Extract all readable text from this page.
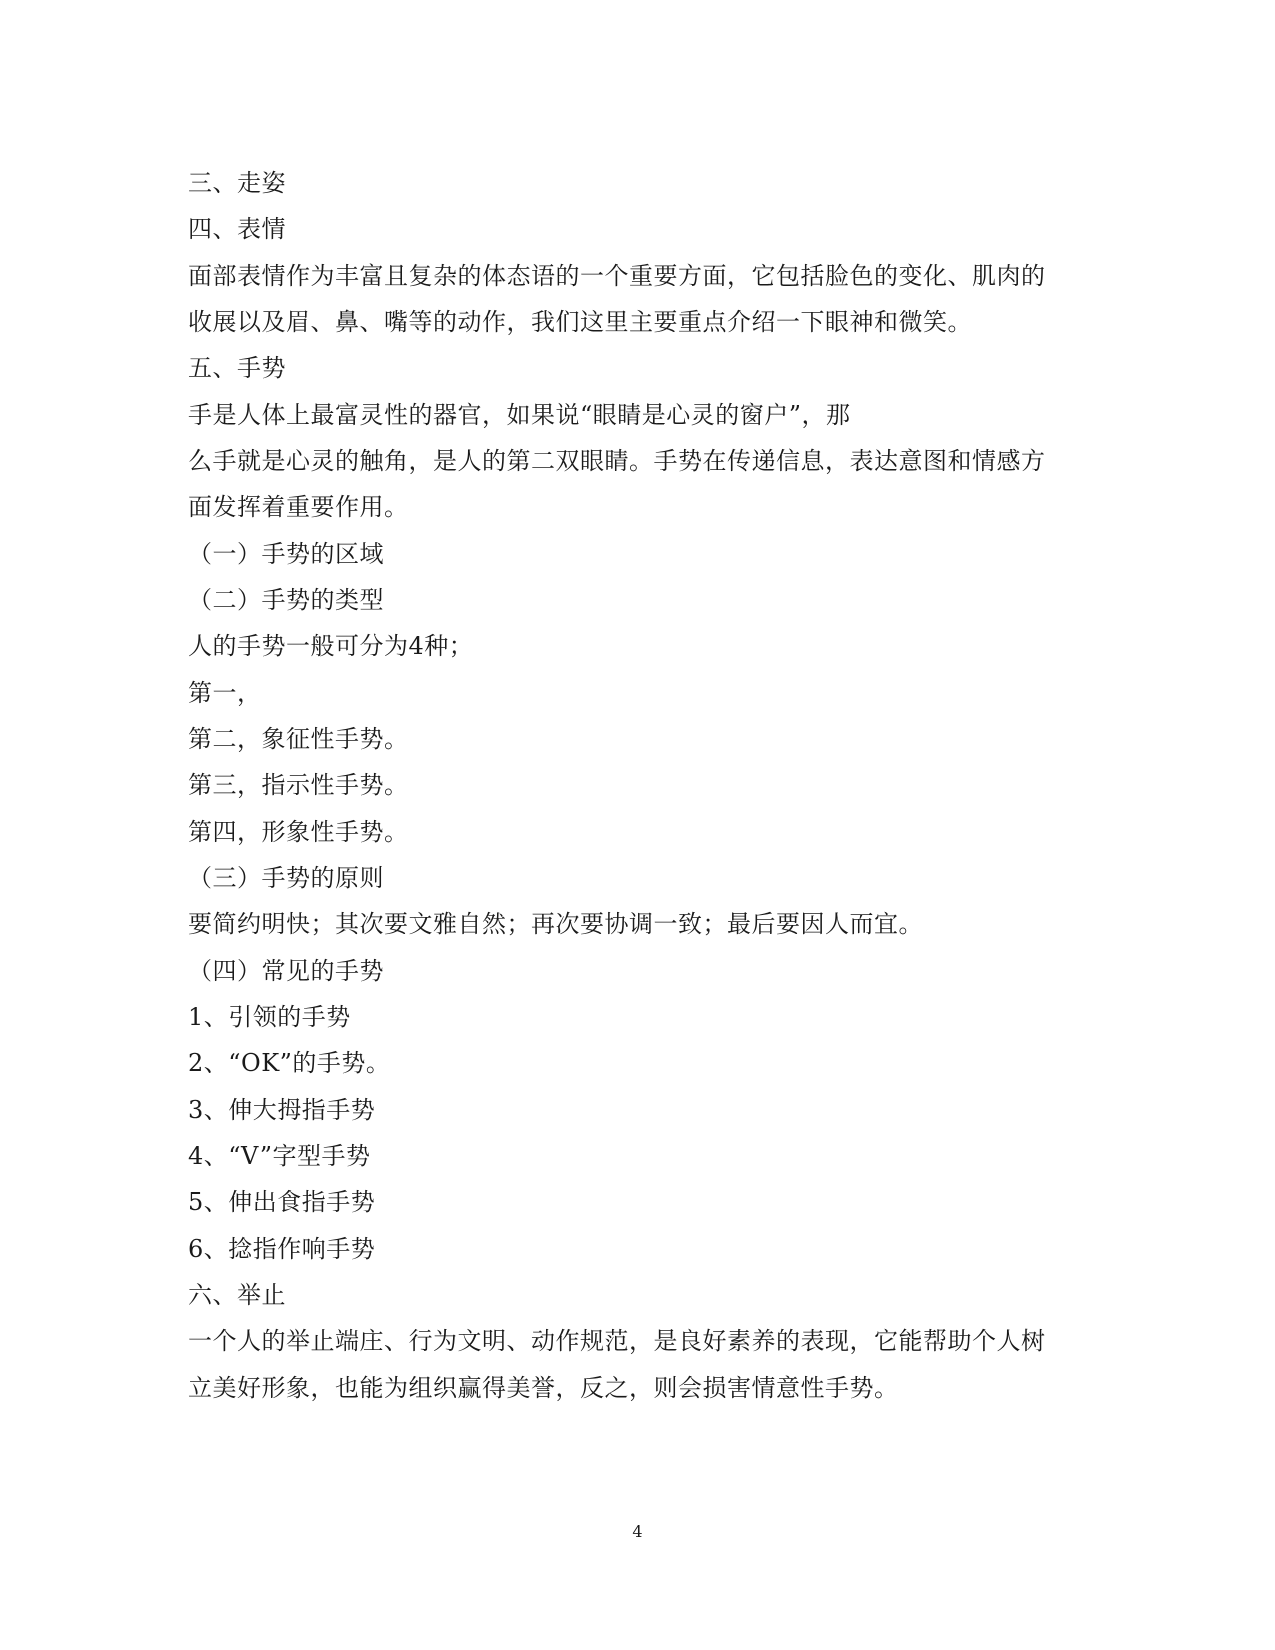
三、走姿
四、表情
面部表情作为丰富且复杂的体态语的一个重要方面，它包括脸色的变化、肌肉的
收展以及眉、鼻、嘴等的动作，我们这里主要重点介绍一下眼神和微笑。
五、手势
手是人体上最富灵性的器官，如果说“眼睛是心灵的窗户”，那
么手就是心灵的触角，是人的第二双眼睛。手势在传递信息，表达意图和情感方
面发挥着重要作用。
（一）手势的区域
（二）手势的类型
人的手势一般可分为4种；
第一，
第二，象征性手势。
第三，指示性手势。
第四，形象性手势。
（三）手势的原则
要简约明快；其次要文雅自然；再次要协调一致；最后要因人而宜。
（四）常见的手势
1、引领的手势
2、“OK”的手势。
3、伸大拇指手势
4、“V”字型手势
5、伸出食指手势
6、捻指作响手势
六、举止
一个人的举止端庄、行为文明、动作规范，是良好素养的表现，它能帮助个人树
立美好形象，也能为组织赢得美誉，反之，则会损害情意性手势。
4
